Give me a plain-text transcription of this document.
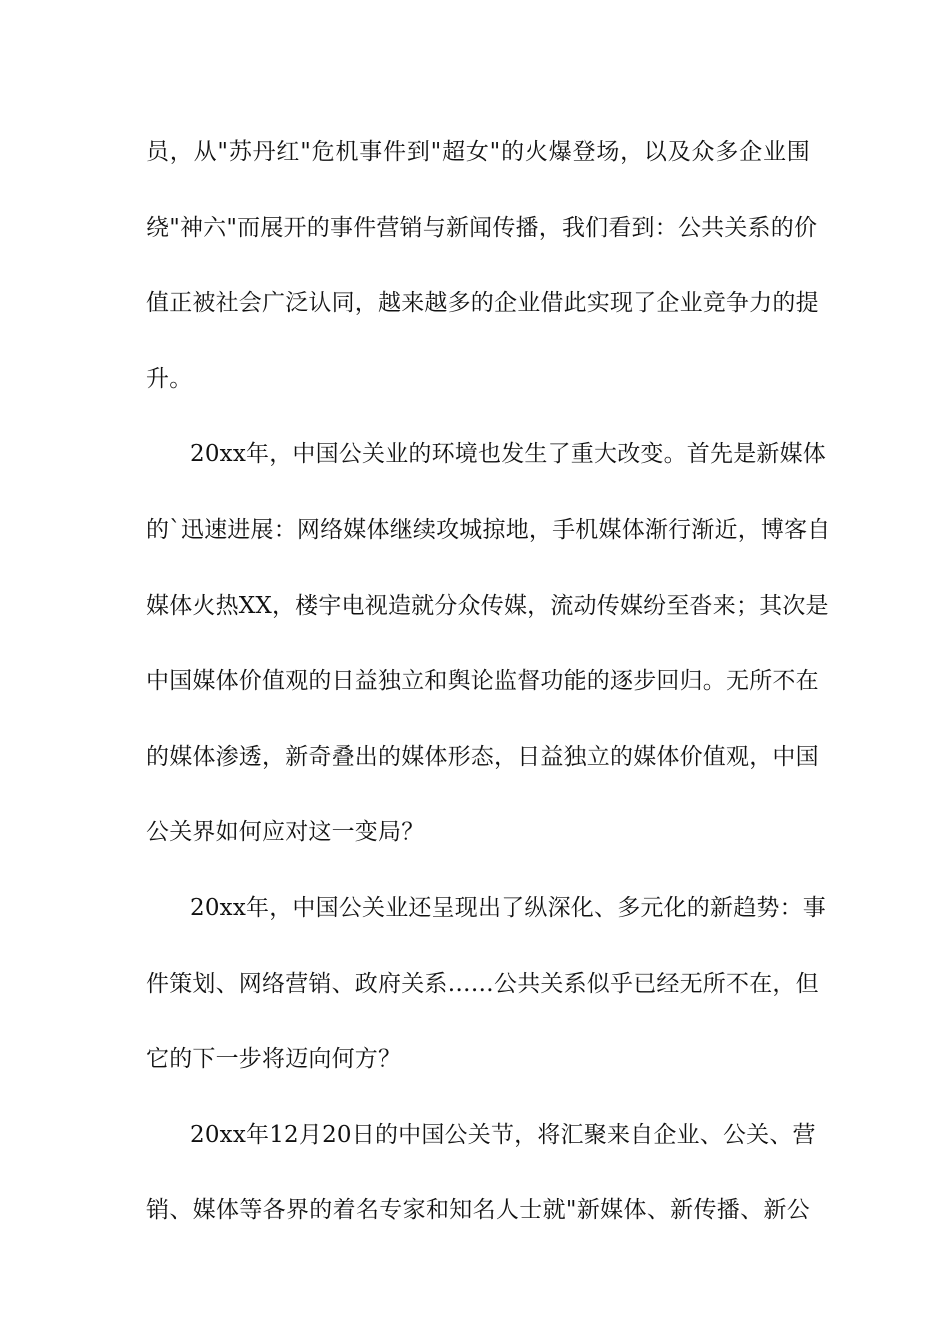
员，从"苏丹红"危机事件到"超女"的火爆登场，以及众多企业围
绕"神六"而展开的事件营销与新闻传播，我们看到：公共关系的价
值正被社会广泛认同，越来越多的企业借此实现了企业竞争力的提
升。
20xx年，中国公关业的环境也发生了重大改变。首先是新媒体
的`迅速进展：网络媒体继续攻城掠地，手机媒体渐行渐近，博客自
媒体火热XX，楼宇电视造就分众传媒，流动传媒纷至沓来；其次是
中国媒体价值观的日益独立和舆论监督功能的逐步回归。无所不在
的媒体渗透，新奇叠出的媒体形态，日益独立的媒体价值观，中国
公关界如何应对这一变局？
20xx年，中国公关业还呈现出了纵深化、多元化的新趋势：事
件策划、网络营销、政府关系……公共关系似乎已经无所不在，但
它的下一步将迈向何方？
20xx年12月20日的中国公关节，将汇聚来自企业、公关、营
销、媒体等各界的着名专家和知名人士就"新媒体、新传播、新公
